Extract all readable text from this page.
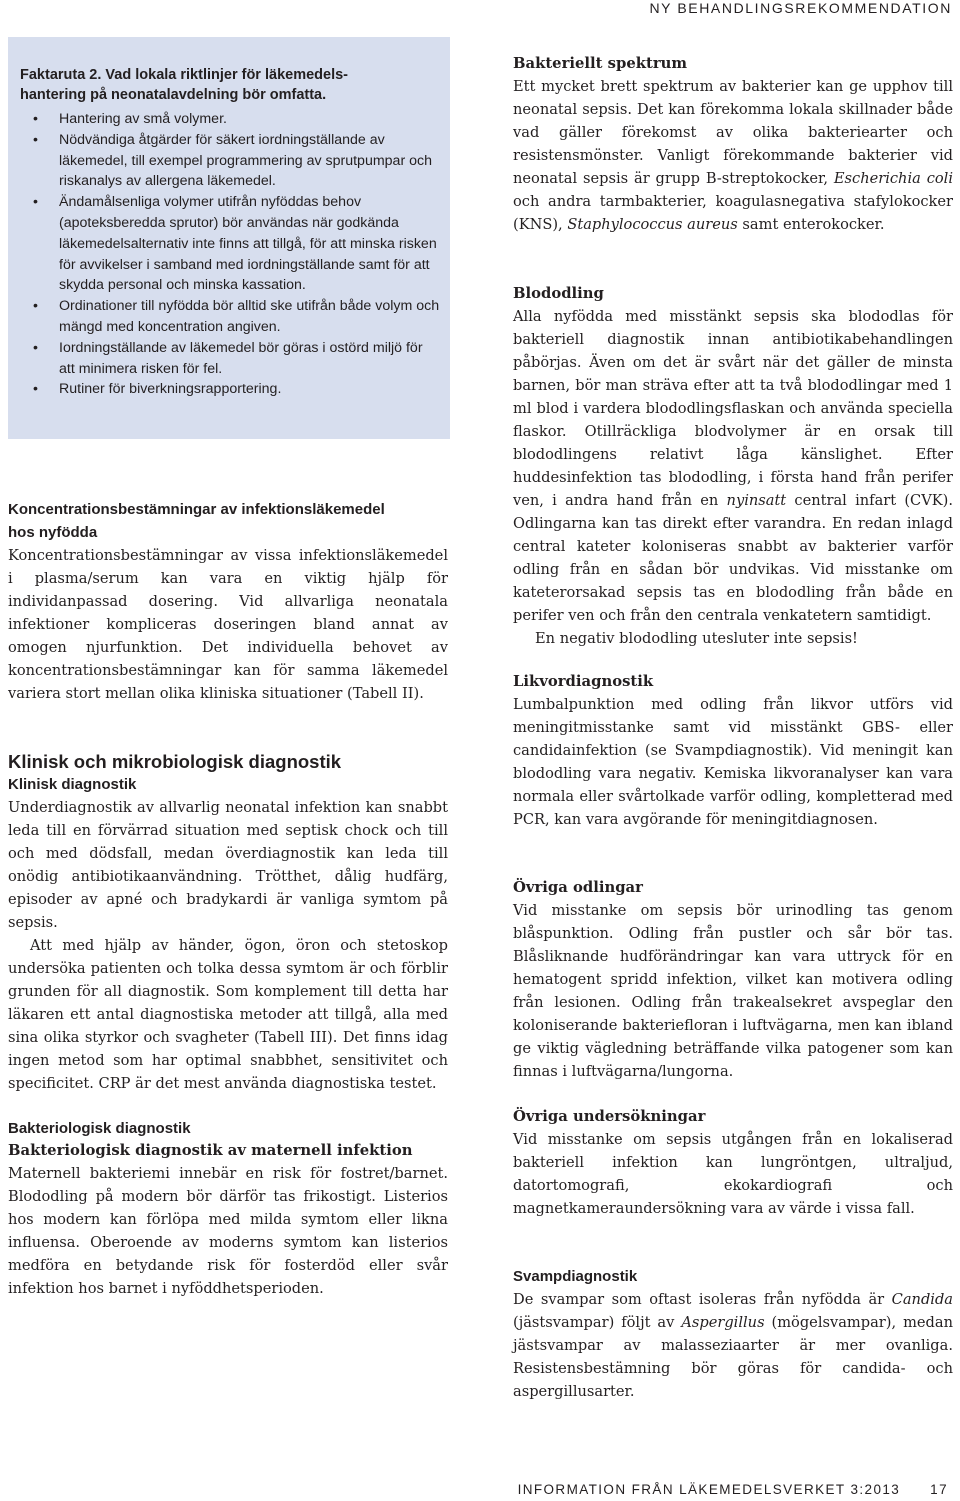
NY BEHANDLINGSREKOMMENDATION
Faktaruta 2. Vad lokala riktlinjer för läkemedels-
hantering på neonatalavdelning bör omfatta.
• Hantering av små volymer.
• Nödvändiga åtgärder för säkert iordningställande av läkemedel, till exempel programmering av sprutpumpar och riskanalys av allergena läkemedel.
• Ändamålsenliga volymer utifrån nyföddas behov (apoteksberedda sprutor) bör användas när godkända läkemedelsalternativ inte finns att tillgå, för att minska risken för avvikelser i samband med iordningställande samt för att skydda personal och minska kassation.
• Ordinationer till nyfödda bör alltid ske utifrån både volym och mängd med koncentration angiven.
• Iordningställande av läkemedel bör göras i ostörd miljö för att minimera risken för fel.
• Rutiner för biverkningsrapportering.
Koncentrationsbestämningar av infektionsläkemedel
hos nyfödda

Koncentrationsbestämningar av vissa infektionsläkemedel i plasma/serum kan vara en viktig hjälp för individanpassad dosering. Vid allvarliga neonatala infektioner kompliceras doseringen bland annat av omogen njurfunktion. Det individuella behovet av koncentrationsbestämningar kan för samma läkemedel variera stort mellan olika kliniska situationer (Tabell II).

Klinisk och mikrobiologisk diagnostik
Klinisk diagnostik

Underdiagnostik av allvarlig neonatal infektion kan snabbt leda till en förvärrad situation med septisk chock och till och med dödsfall, medan överdiagnostik kan leda till onödig antibiotikaanvändning. Trötthet, dålig hudfärg, episoder av apné och bradykardi är vanliga symtom på sepsis.

Att med hjälp av händer, ögon, öron och stetoskop undersöka patienten och tolka dessa symtom är och förblir grunden för all diagnostik. Som komplement till detta har läkaren ett antal diagnostiska metoder att tillgå, alla med sina olika styrkor och svagheter (Tabell III). Det finns idag ingen metod som har optimal snabbhet, sensitivitet och specificitet. CRP är det mest använda diagnostiska testet.

Bakteriologisk diagnostik
Bakteriologisk diagnostik av maternell infektion

Maternell bakteriemi innebär en risk för fostret/barnet. Blododling på modern bör därför tas frikostigt. Listerios hos modern kan förlöpa med milda symtom eller likna influensa. Oberoende av moderns symtom kan listerios medföra en betydande risk för fosterdöd eller svår infektion hos barnet i nyföddhetsperioden.

Bakteriellt spektrum

Ett mycket brett spektrum av bakterier kan ge upphov till neonatal sepsis. Det kan förekomma lokala skillnader både vad gäller förekomst av olika bakteriearter och resistensmönster. Vanligt förekommande bakterier vid neonatal sepsis är grupp B-streptokocker, Escherichia coli och andra tarmbakterier, koagulasnegativa stafylokocker (KNS), Staphylococcus aureus samt enterokocker.

Blododling

Alla nyfödda med misstänkt sepsis ska blododlas för bakteriell diagnostik innan antibiotikabehandlingen påbörjas. Även om det är svårt när det gäller de minsta barnen, bör man sträva efter att ta två blododlingar med 1 ml blod i vardera blododlingsflaskan och använda speciella flaskor. Otillräckliga blodvolymer är en orsak till blododlingens relativt låga känslighet. Efter huddesinfektion tas blododling, i första hand från perifer ven, i andra hand från en nyinsatt central infart (CVK). Odlingarna kan tas direkt efter varandra. En redan inlagd central kateter koloniseras snabbt av bakterier varför odling från en sådan bör undvikas. Vid misstanke om kateterorsakad sepsis tas en blododling från både en perifer ven och från den centrala venkatetern samtidigt.

En negativ blododling utesluter inte sepsis!

Likvordiagnostik

Lumbalpunktion med odling från likvor utförs vid meningitmisstanke samt vid misstänkt GBS- eller candidainfektion (se Svampdiagnostik). Vid meningit kan blododling vara negativ. Kemiska likvoranalyser kan vara normala eller svårtolkade varför odling, kompletterad med PCR, kan vara avgörande för meningitdiagnosen.

Övriga odlingar

Vid misstanke om sepsis bör urinodling tas genom blåspunktion. Odling från pustler och sår bör tas. Blåsliknande hudförändringar kan vara uttryck för en hematogent spridd infektion, vilket kan motivera odling från lesionen. Odling från trakealsekret avspeglar den koloniserande bakteriefloran i luftvägarna, men kan ibland ge viktig vägledning beträffande vilka patogener som kan finnas i luftvägarna/lungorna.

Övriga undersökningar

Vid misstanke om sepsis utgången från en lokaliserad bakteriell infektion kan lungröntgen, ultraljud, datortomografi, ekokardiografi och magnetkameraundersökning vara av värde i vissa fall.

Svampdiagnostik

De svampar som oftast isoleras från nyfödda är Candida (jästsvampar) följt av Aspergillus (mögelsvampar), medan jästsvampar av malasseziaarter är mer ovanliga. Resistensbestämning bör göras för candida- och aspergillusarter.

INFORMATION FRÅN LÄKEMEDELSVERKET 3:2013 17
